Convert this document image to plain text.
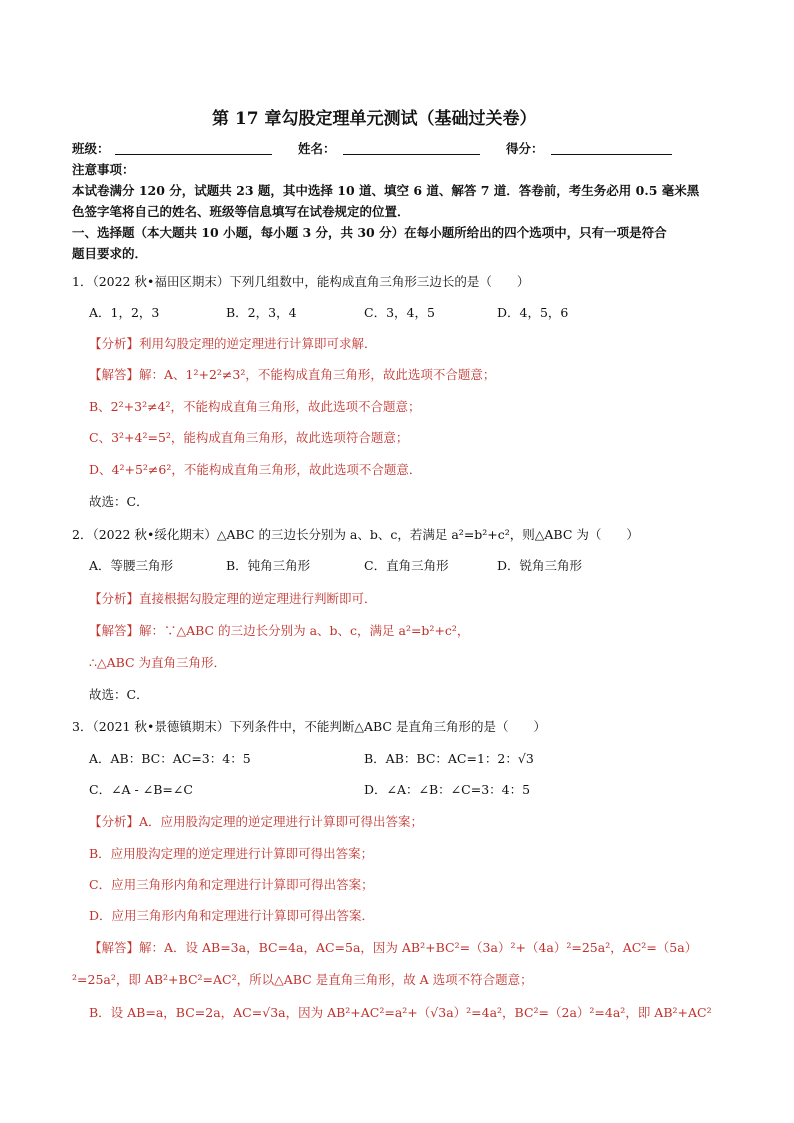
第 17 章勾股定理单元测试（基础过关卷）
班级：	姓名：	得分：
注意事项：
本试卷满分 120 分，试题共 23 题，其中选择 10 道、填空 6 道、解答 7 道．答卷前，考生务必用 0.5 毫米黑
色签字笔将自己的姓名、班级等信息填写在试卷规定的位置．
一、选择题（本大题共 10 小题，每小题 3 分，共 30 分）在每小题所给出的四个选项中，只有一项是符合
题目要求的．
1．（2022 秋•福田区期末）下列几组数中，能构成直角三角形三边长的是（　　）
A．1，2，3	B．2，3，4	C．3，4，5	D．4，5，6
【分析】利用勾股定理的逆定理进行计算即可求解．
【解答】解：A、1²+2²≠3²，不能构成直角三角形，故此选项不合题意；
B、2²+3²≠4²，不能构成直角三角形，故此选项不合题意；
C、3²+4²=5²，能构成直角三角形，故此选项符合题意；
D、4²+5²≠6²，不能构成直角三角形，故此选项不合题意．
故选：C．
2．（2022 秋•绥化期末）△ABC 的三边长分别为 a、b、c，若满足 a²=b²+c²，则△ABC 为（　　）
A．等腰三角形	B．钝角三角形	C．直角三角形	D．锐角三角形
【分析】直接根据勾股定理的逆定理进行判断即可．
【解答】解：∵△ABC 的三边长分别为 a、b、c，满足 a²=b²+c²，
∴△ABC 为直角三角形．
故选：C．
3．（2021 秋•景德镇期末）下列条件中，不能判断△ABC 是直角三角形的是（　　）
A．AB：BC：AC=3：4：5	B．AB：BC：AC=1：2：√3
C．∠A - ∠B=∠C	D．∠A：∠B：∠C=3：4：5
【分析】A．应用股沟定理的逆定理进行计算即可得出答案；
B．应用股沟定理的逆定理进行计算即可得出答案；
C．应用三角形内角和定理进行计算即可得出答案；
D．应用三角形内角和定理进行计算即可得出答案．
【解答】解：A．设 AB=3a，BC=4a，AC=5a，因为 AB²+BC²=（3a）²+（4a）²=25a²，AC²=（5a）
²=25a²，即 AB²+BC²=AC²，所以△ABC 是直角三角形，故 A 选项不符合题意；
B．设 AB=a，BC=2a，AC=√3a，因为 AB²+AC²=a²+（√3a）²=4a²，BC²=（2a）²=4a²，即 AB²+AC²
